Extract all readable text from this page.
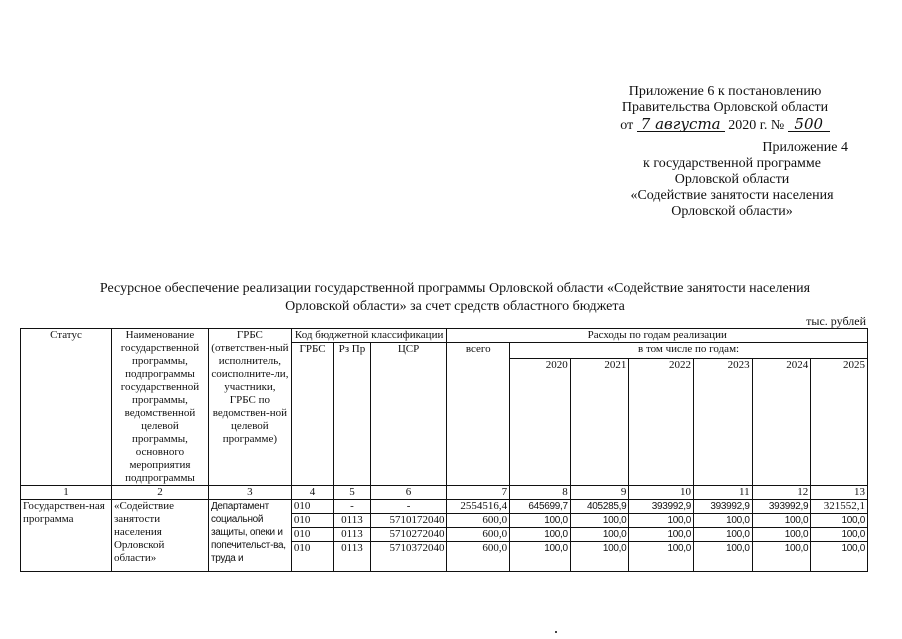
Приложение 6 к постановлению
Правительства Орловской области
от 7 августа 2020 г. № 500
Приложение 4
к государственной программе
Орловской области
«Содействие занятости населения
Орловской области»
Ресурсное обеспечение реализации государственной программы Орловской области «Содействие занятости населения
Орловской области» за счет средств областного бюджета
тыс. рублей
Статус	Наименование государственной программы, подпрограммы государственной программы, ведомственной целевой программы, основного мероприятия подпрограммы	ГРБС (ответствен-ный исполнитель, соисполните-ли, участники, ГРБС по ведомствен-ной целевой программе)	Код бюджетной классификации			Расходы по годам реализации						
			ГРБС	Рз Пр	ЦСР	всего	в том числе по годам:					
							2020	2021	2022	2023	2024	2025
1	2	3	4	5	6	7	8	9	10	11	12	13
Государствен-ная программа	«Содействие занятости населения Орловской области»	Департамент социальной защиты, опеки и попечительст-ва, труда и	010	-	-	2554516,4	645699,7	405285,9	393992,9	393992,9	393992,9	321552,1
			010	0113	5710172040	600,0	100,0	100,0	100,0	100,0	100,0	100,0
			010	0113	5710272040	600,0	100,0	100,0	100,0	100,0	100,0	100,0
			010	0113	5710372040	600,0	100,0	100,0	100,0	100,0	100,0	100,0
